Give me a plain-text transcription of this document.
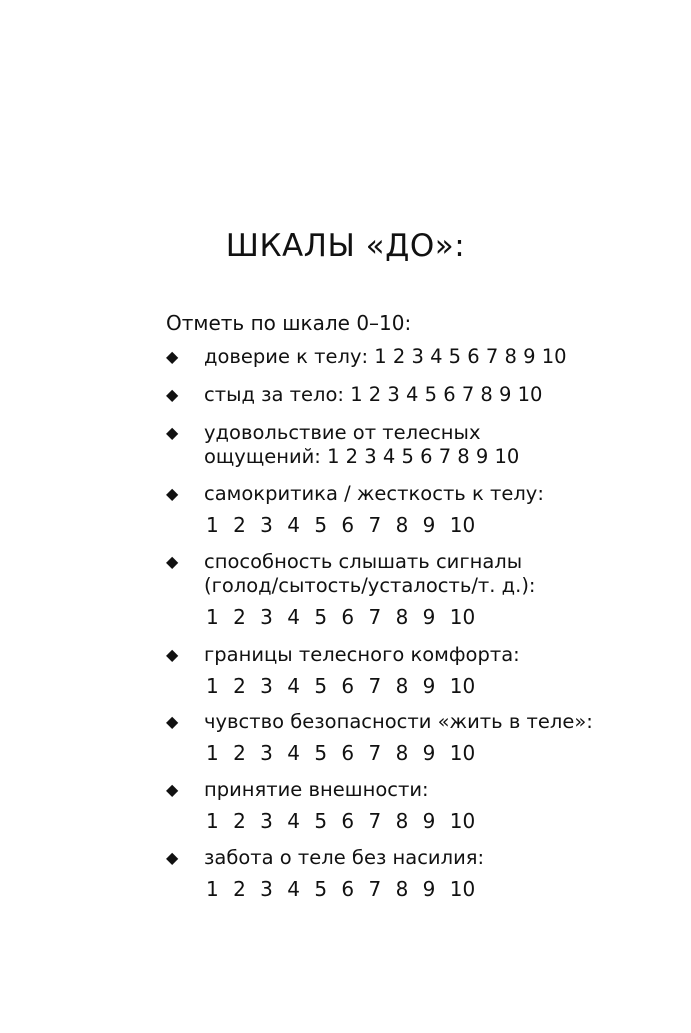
ШКАЛЫ «ДО»:
Отметь по шкале 0–10:
◆ доверие к телу: 1 2 3 4 5 6 7 8 9 10
◆ стыд за тело: 1 2 3 4 5 6 7 8 9 10
◆ удовольствие от телесных
ощущений: 1 2 3 4 5 6 7 8 9 10
◆ самокритика / жесткость к телу:
1 2 3 4 5 6 7 8 9 10
◆ способность слышать сигналы
(голод/сытость/усталость/т. д.):
1 2 3 4 5 6 7 8 9 10
◆ границы телесного комфорта:
1 2 3 4 5 6 7 8 9 10
◆ чувство безопасности «жить в теле»:
1 2 3 4 5 6 7 8 9 10
◆ принятие внешности:
1 2 3 4 5 6 7 8 9 10
◆ забота о теле без насилия:
1 2 3 4 5 6 7 8 9 10
